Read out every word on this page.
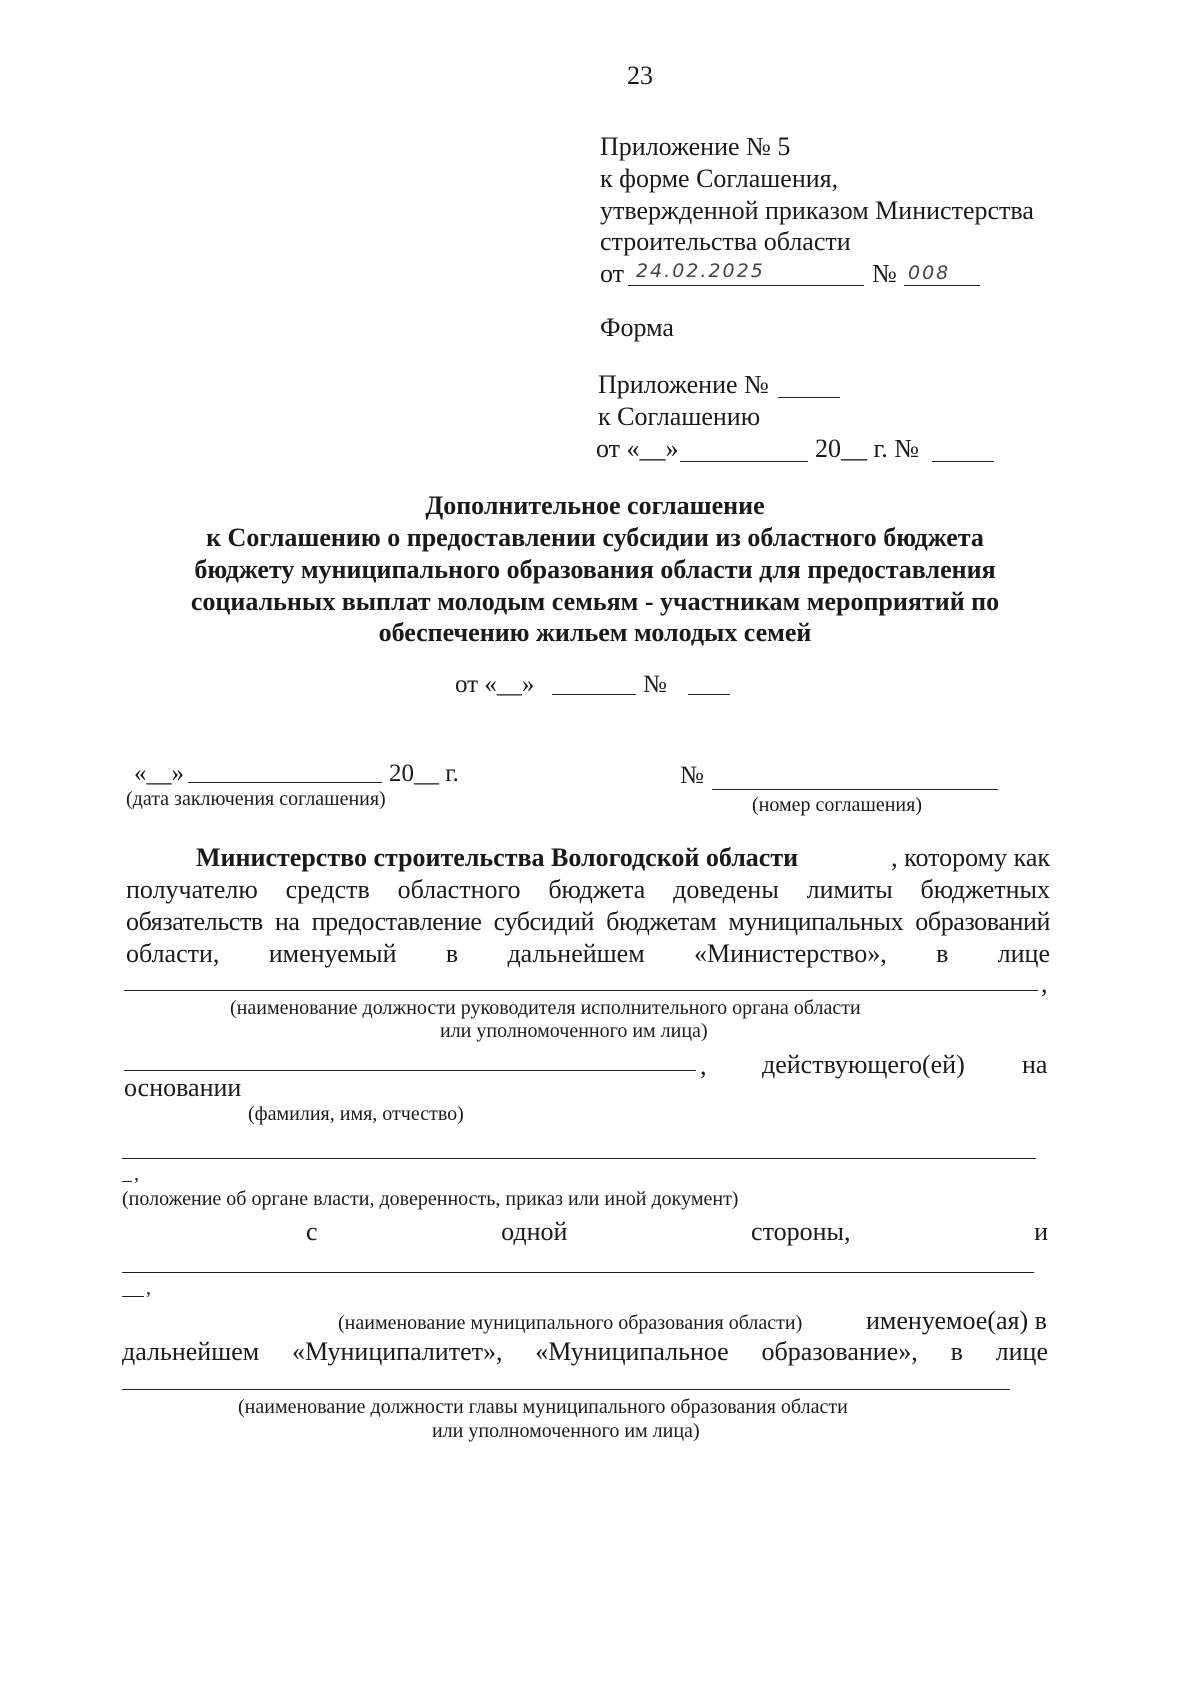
23
Приложение № 5
к форме Соглашения,
утвержденной приказом Министерства
строительства области
от 24.02.2025	№ 008
Форма
Приложение №
к Соглашению
от «__»	20__ г. №
Дополнительное соглашение
к Соглашению о предоставлении субсидии из областного бюджета
бюджету муниципального образования области для предоставления
социальных выплат молодым семьям - участникам мероприятий по
обеспечению жильем молодых семей
от «__»	№
«__»	20__ г.
(дата заключения соглашения)
№
(номер соглашения)
Министерство строительства Вологодской области	, которому как
получателю средств областного бюджета доведены лимиты бюджетных
обязательств на предоставление субсидий бюджетам муниципальных образований
области, именуемый в дальнейшем «Министерство», в лице
,
(наименование должности руководителя исполнительного органа области
или уполномоченного им лица)
, действующего(ей) на
основании
(фамилия, имя, отчество)
,
(положение об органе власти, доверенность, приказ или иной документ)
с одной стороны, и
,
(наименование муниципального образования области) именуемое(ая) в
дальнейшем «Муниципалитет», «Муниципальное образование», в лице
(наименование должности главы муниципального образования области
или уполномоченного им лица)
